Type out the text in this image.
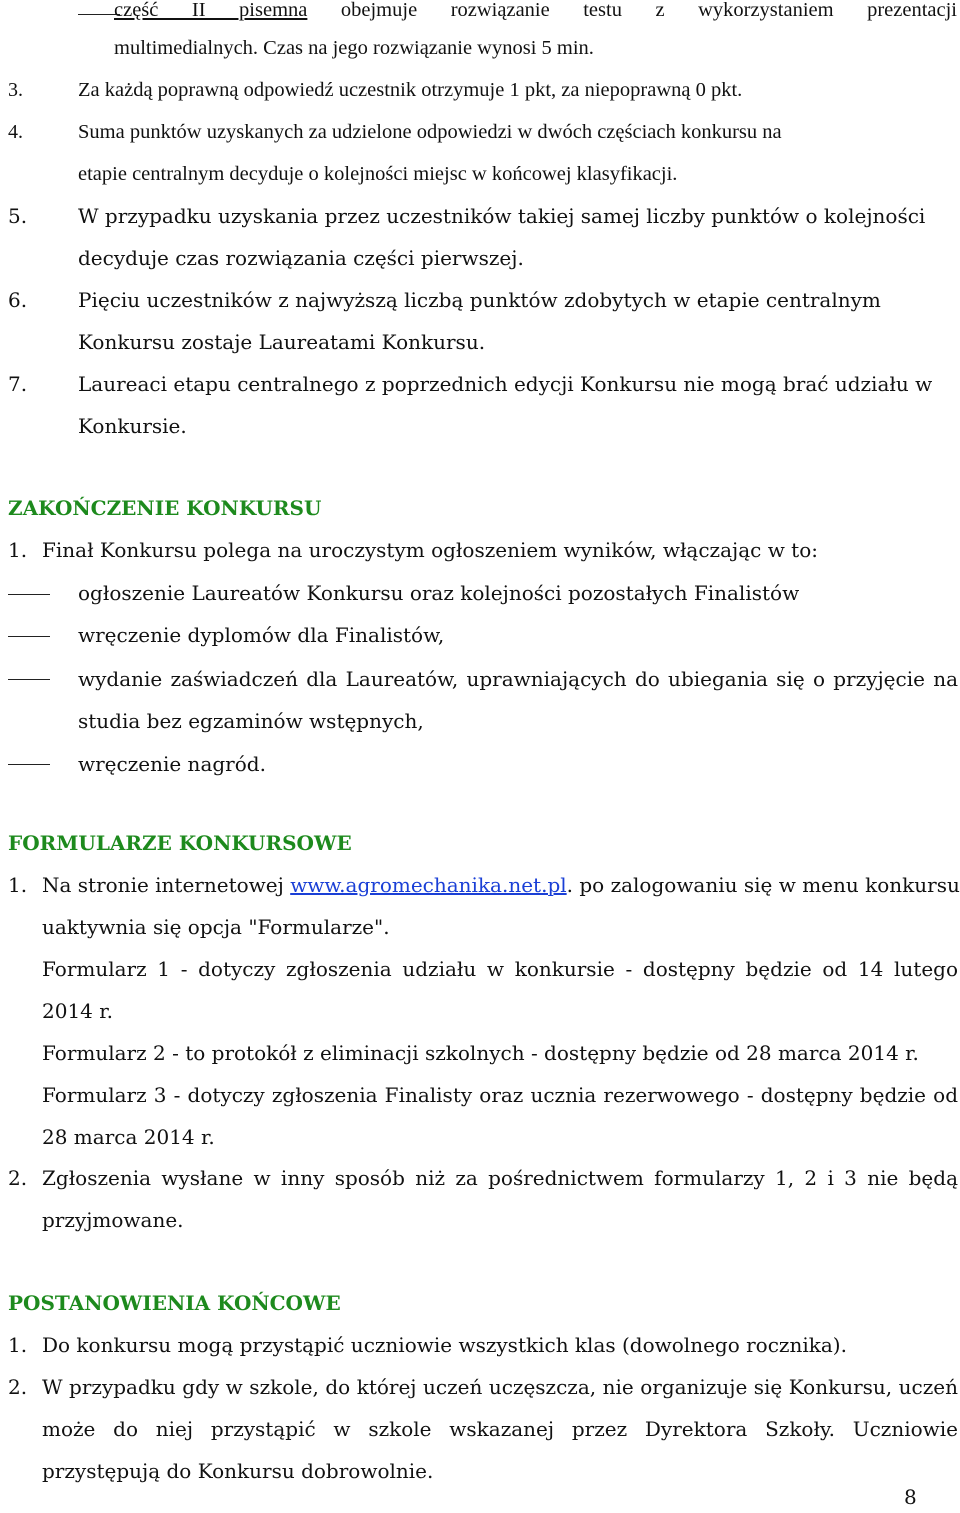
część II pisemna obejmuje rozwiązanie testu z wykorzystaniem prezentacji
multimedialnych. Czas na jego rozwiązanie wynosi 5 min.
3.	Za każdą poprawną odpowiedź uczestnik otrzymuje 1 pkt, za niepoprawną 0 pkt.
4.	Suma punktów uzyskanych za udzielone odpowiedzi w dwóch częściach konkursu na
etapie centralnym decyduje o kolejności miejsc w końcowej klasyfikacji.
5.	W przypadku uzyskania przez uczestników takiej samej liczby punktów o kolejności
decyduje czas rozwiązania części pierwszej.
6.	Pięciu uczestników z najwyższą liczbą punktów zdobytych w etapie centralnym
Konkursu zostaje Laureatami Konkursu.
7.	Laureaci etapu centralnego z poprzednich edycji Konkursu nie mogą brać udziału w
Konkursie.
ZAKOŃCZENIE KONKURSU
1. Finał Konkursu polega na uroczystym ogłoszeniem wyników, włączając w to:
ogłoszenie Laureatów Konkursu oraz kolejności pozostałych Finalistów
wręczenie dyplomów dla Finalistów,
wydanie zaświadczeń dla Laureatów, uprawniających do ubiegania się o przyjęcie na
studia bez egzaminów wstępnych,
wręczenie nagród.
FORMULARZE KONKURSOWE
1. Na stronie internetowej www.agromechanika.net.pl. po zalogowaniu się w menu konkursu
uaktywnia się opcja "Formularze".
Formularz 1 - dotyczy zgłoszenia udziału w konkursie - dostępny będzie od 14 lutego
2014 r.
Formularz 2 - to protokół z eliminacji szkolnych - dostępny będzie od 28 marca 2014 r.
Formularz 3 - dotyczy zgłoszenia Finalisty oraz ucznia rezerwowego - dostępny będzie od
28 marca 2014 r.
2. Zgłoszenia wysłane w inny sposób niż za pośrednictwem formularzy 1, 2 i 3 nie będą
przyjmowane.
POSTANOWIENIA KOŃCOWE
1. Do konkursu mogą przystąpić uczniowie wszystkich klas (dowolnego rocznika).
2. W przypadku gdy w szkole, do której uczeń uczęszcza, nie organizuje się Konkursu, uczeń
może do niej przystąpić w szkole wskazanej przez Dyrektora Szkoły. Uczniowie
przystępują do Konkursu dobrowolnie.
8
